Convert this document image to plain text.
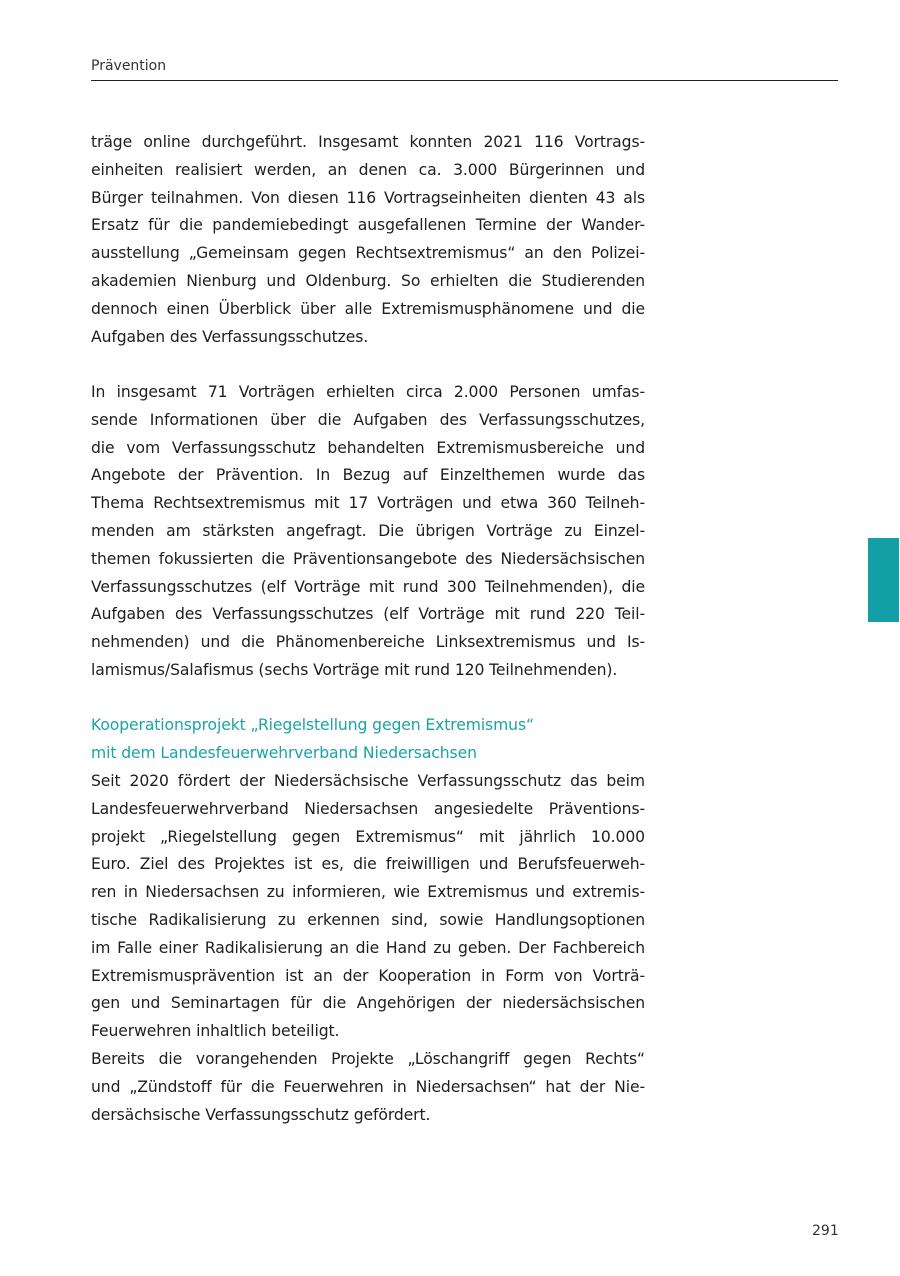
Prävention
träge online durchgeführt. Insgesamt konnten 2021 116 Vortrags-
einheiten realisiert werden, an denen ca. 3.000 Bürgerinnen und
Bürger teilnahmen. Von diesen 116 Vortragseinheiten dienten 43 als
Ersatz für die pandemiebedingt ausgefallenen Termine der Wander-
ausstellung „Gemeinsam gegen Rechtsextremismus“ an den Polizei-
akademien Nienburg und Oldenburg. So erhielten die Studierenden
dennoch einen Überblick über alle Extremismusphänomene und die
Aufgaben des Verfassungsschutzes.
In insgesamt 71 Vorträgen erhielten circa 2.000 Personen umfas-
sende Informationen über die Aufgaben des Verfassungsschutzes,
die vom Verfassungsschutz behandelten Extremismusbereiche und
Angebote der Prävention. In Bezug auf Einzelthemen wurde das
Thema Rechtsextremismus mit 17 Vorträgen und etwa 360 Teilneh-
menden am stärksten angefragt. Die übrigen Vorträge zu Einzel-
themen fokussierten die Präventionsangebote des Niedersächsischen
Verfassungsschutzes (elf Vorträge mit rund 300 Teilnehmenden), die
Aufgaben des Verfassungsschutzes (elf Vorträge mit rund 220 Teil-
nehmenden) und die Phänomenbereiche Linksextremismus und Is-
lamismus/Salafismus (sechs Vorträge mit rund 120 Teilnehmenden).
Kooperationsprojekt „Riegelstellung gegen Extremismus“
mit dem Landesfeuerwehrverband Niedersachsen
Seit 2020 fördert der Niedersächsische Verfassungsschutz das beim
Landesfeuerwehrverband Niedersachsen angesiedelte Präventions-
projekt „Riegelstellung gegen Extremismus“ mit jährlich 10.000
Euro. Ziel des Projektes ist es, die freiwilligen und Berufsfeuerweh-
ren in Niedersachsen zu informieren, wie Extremismus und extremis-
tische Radikalisierung zu erkennen sind, sowie Handlungsoptionen
im Falle einer Radikalisierung an die Hand zu geben. Der Fachbereich
Extremismusprävention ist an der Kooperation in Form von Vorträ-
gen und Seminartagen für die Angehörigen der niedersächsischen
Feuerwehren inhaltlich beteiligt.
Bereits die vorangehenden Projekte „Löschangriff gegen Rechts“
und „Zündstoff für die Feuerwehren in Niedersachsen“ hat der Nie-
dersächsische Verfassungsschutz gefördert.
291
